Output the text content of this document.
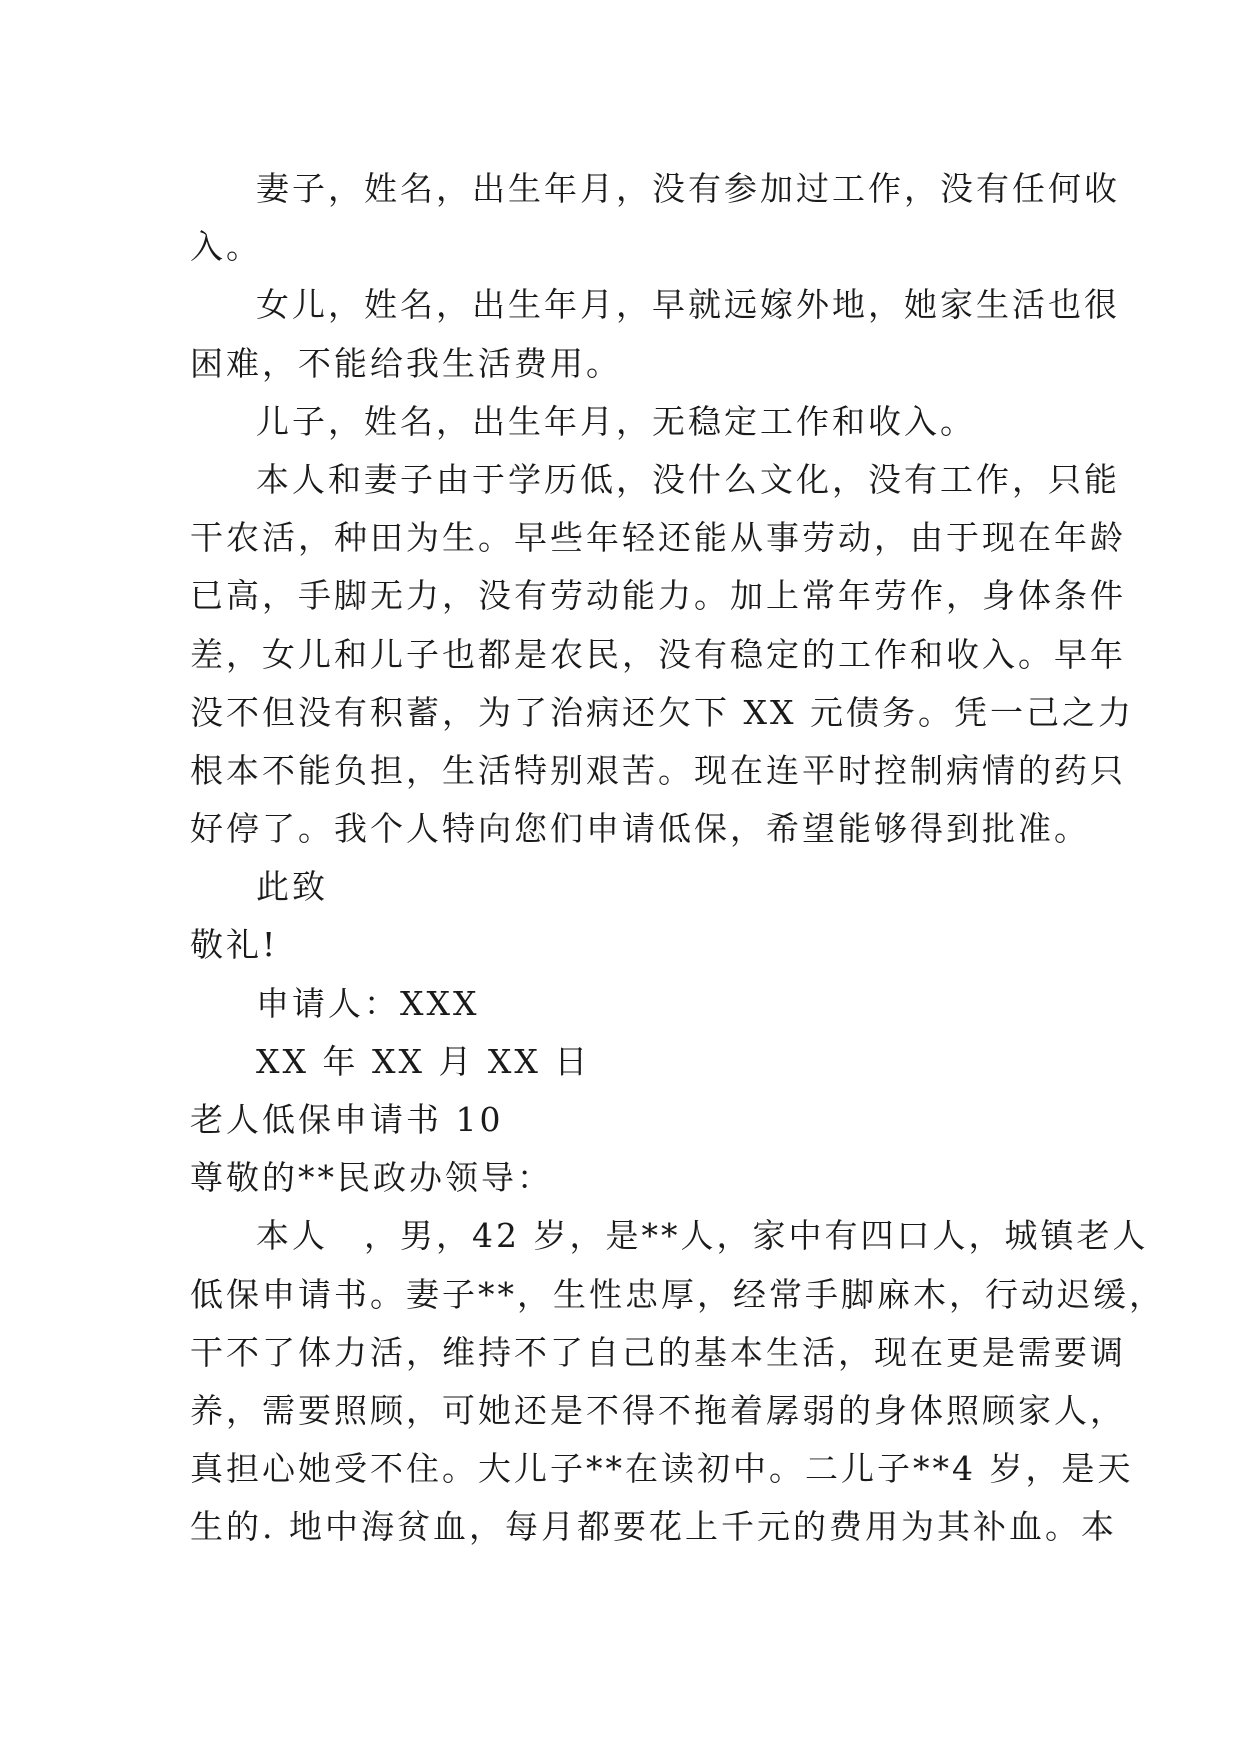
妻子，姓名，出生年月，没有参加过工作，没有任何收
入。
女儿，姓名，出生年月，早就远嫁外地，她家生活也很
困难，不能给我生活费用。
儿子，姓名，出生年月，无稳定工作和收入。
本人和妻子由于学历低，没什么文化，没有工作，只能
干农活，种田为生。早些年轻还能从事劳动，由于现在年龄
已高，手脚无力，没有劳动能力。加上常年劳作，身体条件
差，女儿和儿子也都是农民，没有稳定的工作和收入。早年
没不但没有积蓄，为了治病还欠下 XX 元债务。凭一己之力
根本不能负担，生活特别艰苦。现在连平时控制病情的药只
好停了。我个人特向您们申请低保，希望能够得到批准。
此致
敬礼!
申请人：XXX
XX 年 XX 月 XX 日
老人低保申请书 10
尊敬的**民政办领导：
本人　，男，42 岁，是**人，家中有四口人，城镇老人
低保申请书。妻子**，生性忠厚，经常手脚麻木，行动迟缓，
干不了体力活，维持不了自己的基本生活，现在更是需要调
养，需要照顾，可她还是不得不拖着孱弱的身体照顾家人，
真担心她受不住。大儿子**在读初中。二儿子**4 岁，是天
生的. 地中海贫血，每月都要花上千元的费用为其补血。本
